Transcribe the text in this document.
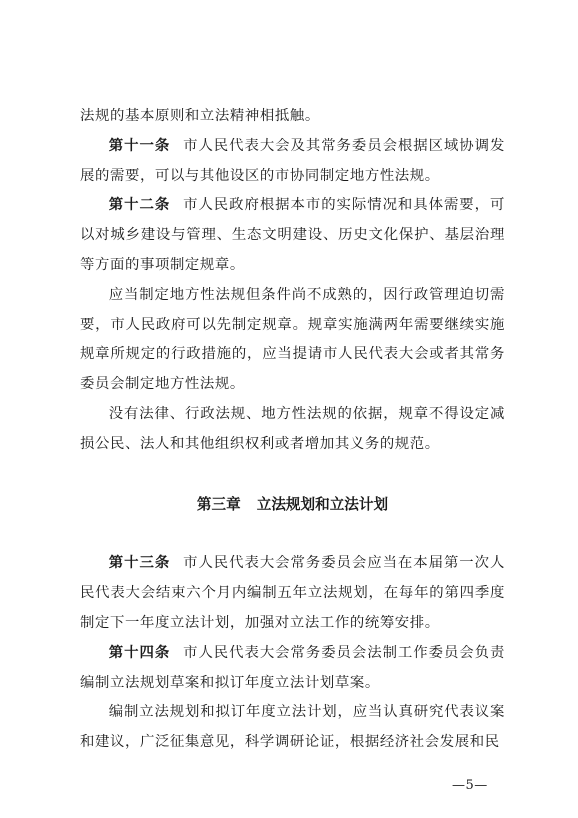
法规的基本原则和立法精神相抵触。

第十一条 市人民代表大会及其常务委员会根据区域协调发展的需要，可以与其他设区的市协同制定地方性法规。

第十二条 市人民政府根据本市的实际情况和具体需要，可以对城乡建设与管理、生态文明建设、历史文化保护、基层治理等方面的事项制定规章。

应当制定地方性法规但条件尚不成熟的，因行政管理迫切需要，市人民政府可以先制定规章。规章实施满两年需要继续实施规章所规定的行政措施的，应当提请市人民代表大会或者其常务委员会制定地方性法规。

没有法律、行政法规、地方性法规的依据，规章不得设定减损公民、法人和其他组织权利或者增加其义务的规范。

第三章 立法规划和立法计划

第十三条 市人民代表大会常务委员会应当在本届第一次人民代表大会结束六个月内编制五年立法规划，在每年的第四季度制定下一年度立法计划，加强对立法工作的统筹安排。

第十四条 市人民代表大会常务委员会法制工作委员会负责编制立法规划草案和拟订年度立法计划草案。

编制立法规划和拟订年度立法计划，应当认真研究代表议案和建议，广泛征集意见，科学调研论证，根据经济社会发展和民

—5—
